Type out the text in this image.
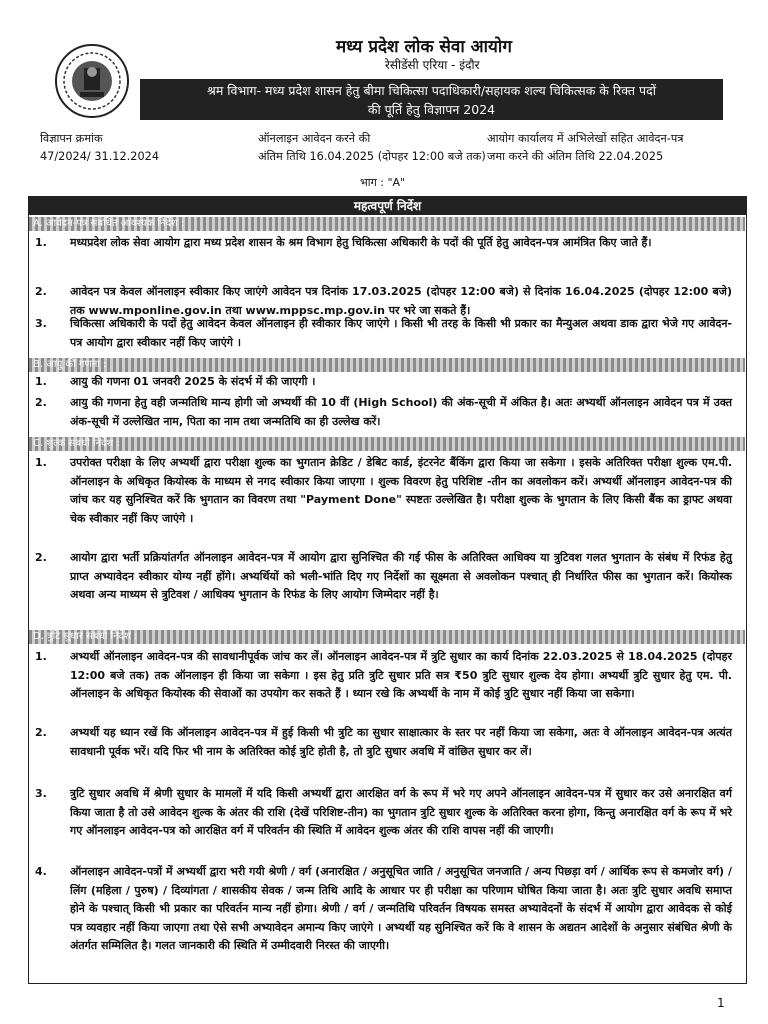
मध्य प्रदेश लोक सेवा आयोग
रेसीडेंसी एरिया - इंदौर
श्रम विभाग- मध्य प्रदेश शासन हेतु बीमा चिकित्सा पदाधिकारी/सहायक शल्य चिकित्सक के रिक्त पदों
की पूर्ति हेतु विज्ञापन 2024
विज्ञापन क्रमांक
47/2024/ 31.12.2024
ऑनलाइन आवेदन करने की
अंतिम तिथि 16.04.2025 (दोपहर 12:00 बजे तक)
आयोग कार्यालय में अभिलेखों सहित आवेदन-पत्र
जमा करने की अंतिम तिथि 22.04.2025
भाग : "A"
महत्वपूर्ण निर्देश
A. आवेदन-पत्र संबंधित आवश्यक निर्देश :
1. मध्यप्रदेश लोक सेवा आयोग द्वारा मध्य प्रदेश शासन के श्रम विभाग हेतु चिकित्सा अधिकारी के पदों की पूर्ति हेतु आवेदन-पत्र आमंत्रित किए जाते हैं।
2. आवेदन पत्र केवल ऑनलाइन स्वीकार किए जाएंगे आवेदन पत्र दिनांक 17.03.2025 (दोपहर 12:00 बजे) से दिनांक 16.04.2025 (दोपहर 12:00 बजे) तक www.mponline.gov.in तथा www.mppsc.mp.gov.in पर भरे जा सकते हैं।
3. चिकित्सा अधिकारी के पदों हेतु आवेदन केवल ऑनलाइन ही स्वीकार किए जाएंगे । किसी भी तरह के किसी भी प्रकार का मैन्युअल अथवा डाक द्वारा भेजे गए आवेदन-पत्र आयोग द्वारा स्वीकार नहीं किए जाएंगे ।
B. आयु की गणना :
1. आयु की गणना 01 जनवरी 2025 के संदर्भ में की जाएगी ।
2. आयु की गणना हेतु वही जन्मतिथि मान्य होगी जो अभ्यर्थी की 10 वीं (High School) की अंक-सूची में अंकित है। अतः अभ्यर्थी ऑनलाइन आवेदन पत्र में उक्त अंक-सूची में उल्लेखित नाम, पिता का नाम तथा जन्मतिथि का ही उल्लेख करें।
C. शुल्क संबंधी निर्देश :
1. उपरोक्त परीक्षा के लिए अभ्यर्थी द्वारा परीक्षा शुल्क का भुगतान क्रेडिट / डेबिट कार्ड, इंटरनेट बैंकिंग द्वारा किया जा सकेगा । इसके अतिरिक्त परीक्षा शुल्क एम.पी. ऑनलाइन के अधिकृत कियोस्क के माध्यम से नगद स्वीकार किया जाएगा । शुल्क विवरण हेतु परिशिष्ट -तीन का अवलोकन करें। अभ्यर्थी ऑनलाइन आवेदन-पत्र की जांच कर यह सुनिश्चित करें कि भुगतान का विवरण तथा "Payment Done" स्पष्टतः उल्लेखित है। परीक्षा शुल्क के भुगतान के लिए किसी बैंक का ड्राफ्ट अथवा चेक स्वीकार नहीं किए जाएंगे ।
2. आयोग द्वारा भर्ती प्रक्रियांतर्गत ऑनलाइन आवेदन-पत्र में आयोग द्वारा सुनिश्चित की गई फीस के अतिरिक्त आधिक्य या त्रुटिवश गलत भुगतान के संबंध में रिफंड हेतु प्राप्त अभ्यावेदन स्वीकार योग्य नहीं होंगे। अभ्यर्थियों को भली-भांति दिए गए निर्देशों का सूक्ष्मता से अवलोकन पश्चात् ही निर्धारित फीस का भुगतान करें। कियोस्क अथवा अन्य माध्यम से त्रुटिवश / आधिक्य भुगतान के रिफंड के लिए आयोग जिम्मेदार नहीं है।
D. त्रुटि सुधार संबंधी निर्देश :
1. अभ्यर्थी ऑनलाइन आवेदन-पत्र की सावधानीपूर्वक जांच कर लें। ऑनलाइन आवेदन-पत्र में त्रुटि सुधार का कार्य दिनांक 22.03.2025 से 18.04.2025 (दोपहर 12:00 बजे तक) तक ऑनलाइन ही किया जा सकेगा । इस हेतु प्रति त्रुटि सुधार प्रति सत्र ₹50 त्रुटि सुधार शुल्क देय होगा। अभ्यर्थी त्रुटि सुधार हेतु एम. पी. ऑनलाइन के अधिकृत कियोस्क की सेवाओं का उपयोग कर सकते हैं । ध्यान रखे कि अभ्यर्थी के नाम में कोई त्रुटि सुधार नहीं किया जा सकेगा।
2. अभ्यर्थी यह ध्यान रखें कि ऑनलाइन आवेदन-पत्र में हुई किसी भी त्रुटि का सुधार साक्षात्कार के स्तर पर नहीं किया जा सकेगा, अतः वे ऑनलाइन आवेदन-पत्र अत्यंत सावधानी पूर्वक भरें। यदि फिर भी नाम के अतिरिक्त कोई त्रुटि होती है, तो त्रुटि सुधार अवधि में वांछित सुधार कर लें।
3. त्रुटि सुधार अवधि में श्रेणी सुधार के मामलों में यदि किसी अभ्यर्थी द्वारा आरक्षित वर्ग के रूप में भरे गए अपने ऑनलाइन आवेदन-पत्र में सुधार कर उसे अनारक्षित वर्ग किया जाता है तो उसे आवेदन शुल्क के अंतर की राशि (देखें परिशिष्ट-तीन) का भुगतान त्रुटि सुधार शुल्क के अतिरिक्त करना होगा, किन्तु अनारक्षित वर्ग के रूप में भरे गए ऑनलाइन आवेदन-पत्र को आरक्षित वर्ग में परिवर्तन की स्थिति में आवेदन शुल्क अंतर की राशि वापस नहीं की जाएगी।
4. ऑनलाइन आवेदन-पत्रों में अभ्यर्थी द्वारा भरी गयी श्रेणी / वर्ग (अनारक्षित / अनुसूचित जाति / अनुसूचित जनजाति / अन्य पिछड़ा वर्ग / आर्थिक रूप से कमजोर वर्ग) / लिंग (महिला / पुरुष) / दिव्यांगता / शासकीय सेवक / जन्म तिथि आदि के आधार पर ही परीक्षा का परिणाम घोषित किया जाता है। अतः त्रुटि सुधार अवधि समाप्त होने के पश्चात् किसी भी प्रकार का परिवर्तन मान्य नहीं होगा। श्रेणी / वर्ग / जन्मतिथि परिवर्तन विषयक समस्त अभ्यावेदनों के संदर्भ में आयोग द्वारा आवेदक से कोई पत्र व्यवहार नहीं किया जाएगा तथा ऐसे सभी अभ्यावेदन अमान्य किए जाएंगे । अभ्यर्थी यह सुनिश्चित करें कि वे शासन के अद्यतन आदेशों के अनुसार संबंधित श्रेणी के अंतर्गत सम्मिलित है। गलत जानकारी की स्थिति में उम्मीदवारी निरस्त की जाएगी।
1
